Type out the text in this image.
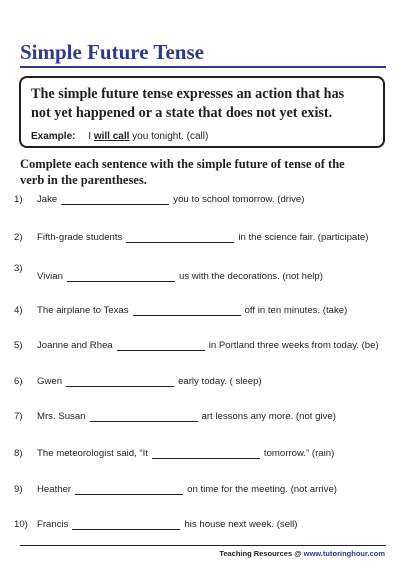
Simple Future Tense

The simple future tense expresses an action that has

not yet happened or a state that does not yet exist.

Example: I will call you tonight. (call)
Complete each sentence with the simple future of tense of the
verb in the parentheses.
1)	Jake	you to school tomorrow. (drive)
2)	Fifth-grade students	in the science fair. (participate)
3)
Vivian	us with the decorations. (not help)
4)	The airplane to Texas	off in ten minutes. (take)
5)	Joanne and Rhea	in Portland three weeks from today. (be)
6)	Gwen	early today. ( sleep)
7)	Mrs. Susan	art lessons any more. (not give)
8)	The meteorologist said, “It	tomorrow.” (rain)
9)	Heather	on time for the meeting. (not arrive)
10) Francis	his house next week. (sell)
Teaching Resources @ www.tutoringhour.com
